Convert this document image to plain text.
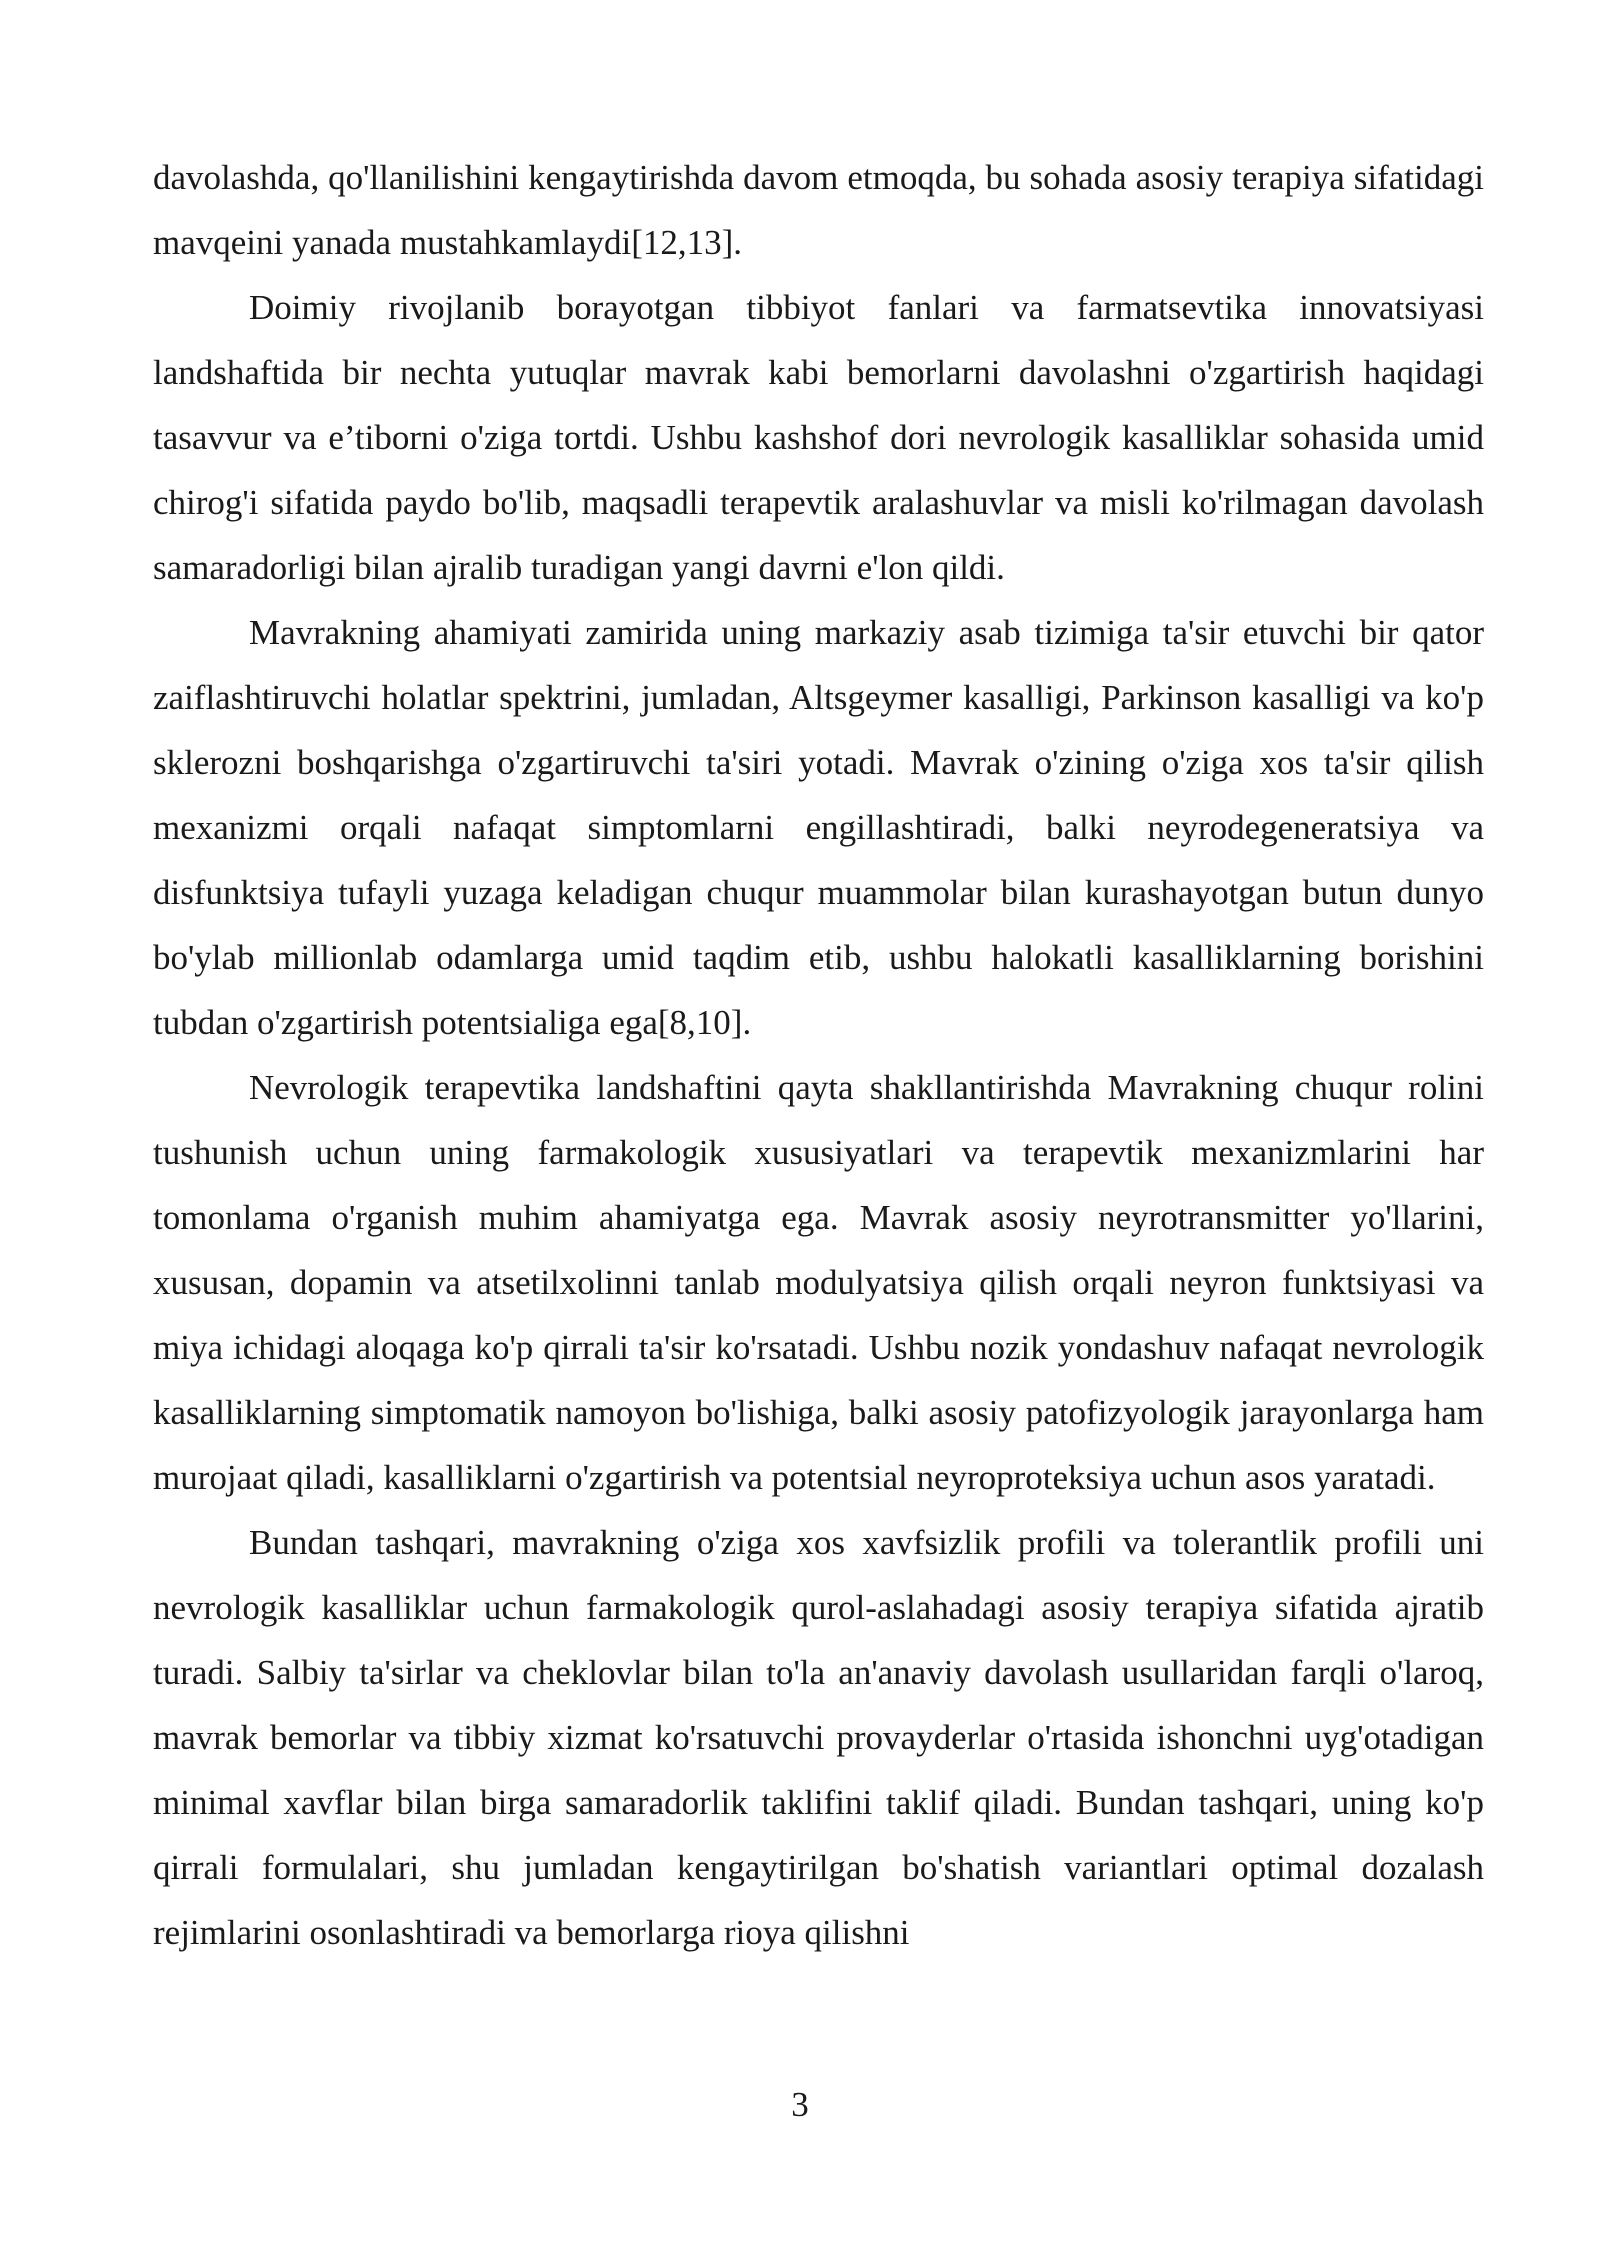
davolashda, qo'llanilishini kengaytirishda davom etmoqda, bu sohada asosiy terapiya sifatidagi mavqeini yanada mustahkamlaydi[12,13].

Doimiy rivojlanib borayotgan tibbiyot fanlari va farmatsevtika innovatsiyasi landshaftida bir nechta yutuqlar mavrak kabi bemorlarni davolashni o'zgartirish haqidagi tasavvur va e’tiborni o'ziga tortdi. Ushbu kashshof dori nevrologik kasalliklar sohasida umid chirog'i sifatida paydo bo'lib, maqsadli terapevtik aralashuvlar va misli ko'rilmagan davolash samaradorligi bilan ajralib turadigan yangi davrni e'lon qildi.

Mavrakning ahamiyati zamirida uning markaziy asab tizimiga ta'sir etuvchi bir qator zaiflashtiruvchi holatlar spektrini, jumladan, Altsgeymer kasalligi, Parkinson kasalligi va ko'p sklerozni boshqarishga o'zgartiruvchi ta'siri yotadi. Mavrak o'zining o'ziga xos ta'sir qilish mexanizmi orqali nafaqat simptomlarni engillashtiradi, balki neyrodegeneratsiya va disfunktsiya tufayli yuzaga keladigan chuqur muammolar bilan kurashayotgan butun dunyo bo'ylab millionlab odamlarga umid taqdim etib, ushbu halokatli kasalliklarning borishini tubdan o'zgartirish potentsialiga ega[8,10].

Nevrologik terapevtika landshaftini qayta shakllantirishda Mavrakning chuqur rolini tushunish uchun uning farmakologik xususiyatlari va terapevtik mexanizmlarini har tomonlama o'rganish muhim ahamiyatga ega. Mavrak asosiy neyrotransmitter yo'llarini, xususan, dopamin va atsetilxolinni tanlab modulyatsiya qilish orqali neyron funktsiyasi va miya ichidagi aloqaga ko'p qirrali ta'sir ko'rsatadi. Ushbu nozik yondashuv nafaqat nevrologik kasalliklarning simptomatik namoyon bo'lishiga, balki asosiy patofizyologik jarayonlarga ham murojaat qiladi, kasalliklarni o'zgartirish va potentsial neyroproteksiya uchun asos yaratadi.

Bundan tashqari, mavrakning o'ziga xos xavfsizlik profili va tolerantlik profili uni nevrologik kasalliklar uchun farmakologik qurol-aslahadagi asosiy terapiya sifatida ajratib turadi. Salbiy ta'sirlar va cheklovlar bilan to'la an'anaviy davolash usullaridan farqli o'laroq, mavrak bemorlar va tibbiy xizmat ko'rsatuvchi provayderlar o'rtasida ishonchni uyg'otadigan minimal xavflar bilan birga samaradorlik taklifini taklif qiladi. Bundan tashqari, uning ko'p qirrali formulalari, shu jumladan kengaytirilgan bo'shatish variantlari optimal dozalash rejimlarini osonlashtiradi va bemorlarga rioya qilishni

3
